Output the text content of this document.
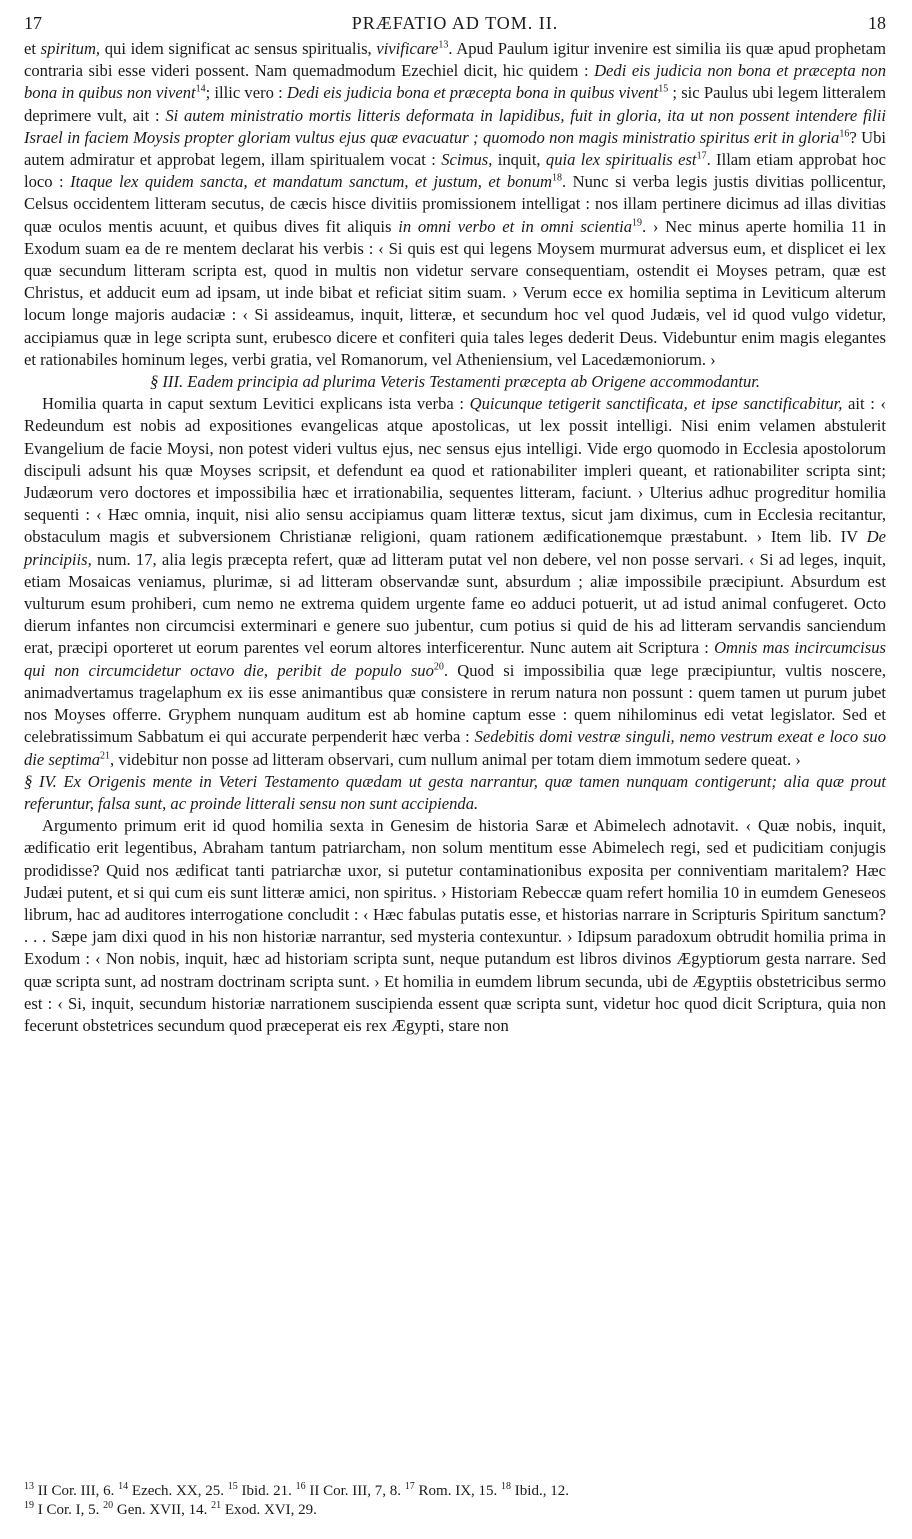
17	PRÆFATIO AD TOM. II.	18

et spiritum, qui idem significat ac sensus spiritualis, vivificare$^{13}$. Apud Paulum igitur invenire est similia iis quæ apud prophetam contraria sibi esse videri possent. Nam quemadmodum Ezechiel dicit, hic quidem : Dedi eis judicia non bona et præcepta non bona in quibus non vivent$^{14}$; illic vero : Dedi eis judicia bona et præcepta bona in quibus vivent$^{15}$ ; sic Paulus ubi legem litteralem deprimere vult, ait : Si autem ministratio mortis litteris deformata in lapidibus, fuit in gloria, ita ut non possent intendere filii Israel in faciem Moysis propter gloriam vultus ejus quæ evacuatur ; quomodo non magis ministratio spiritus erit in gloria$^{16}$? Ubi autem admiratur et approbat legem, illam spiritualem vocat : Scimus, inquit, quia lex spiritualis est$^{17}$. Illam etiam approbat hoc loco : Itaque lex quidem sancta, et mandatum sanctum, et justum, et bonum$^{18}$. Nunc si verba legis justis divitias pollicentur, Celsus occidentem litteram secutus, de cæcis hisce divitiis promissionem intelligat : nos illam pertinere dicimus ad illas divitias quæ oculos mentis acuunt, et quibus dives fit aliquis in omni verbo et in omni scientia$^{19}$. › Nec minus aperte homilia 11 in Exodum suam ea de re mentem declarat his verbis : ‹ Si quis est qui legens Moysem murmurat adversus eum, et displicet ei lex quæ secundum litteram scripta est, quod in multis non videtur servare consequentiam, ostendit ei Moyses petram, quæ est Christus, et adducit eum ad ipsam, ut inde bibat et reficiat sitim suam. › Verum ecce ex homilia septima in Leviticum alterum locum longe majoris audaciæ : ‹ Si assideamus, inquit, litteræ, et secundum hoc vel quod Judæis, vel id quod vulgo videtur, accipiamus quæ in lege scripta sunt, erubesco dicere et confiteri quia tales leges dederit Deus. Videbuntur enim magis elegantes et rationabiles hominum leges, verbi gratia, vel Romanorum, vel Atheniensium, vel Lacedæmoniorum. ›

§ III. Eadem principia ad plurima Veteris Testamenti præcepta ab Origene accommodantur.

Homilia quarta in caput sextum Levitici explicans ista verba : Quicunque tetigerit sanctificata, et ipse sanctificabitur, ait : ‹ Redeundum est nobis ad expositiones evangelicas atque apostolicas, ut lex possit intelligi. Nisi enim velamen abstulerit Evangelium de facie Moysi, non potest videri vultus ejus, nec sensus ejus intelligi. Vide ergo quomodo in Ecclesia apostolorum discipuli adsunt his quæ Moyses scripsit, et defendunt ea quod et rationabiliter impleri queant, et rationabiliter scripta sint; Judæorum vero doctores et impossibilia hæc et irrationabilia, sequentes litteram, faciunt. › Ulterius adhuc progreditur homilia sequenti : ‹ Hæc omnia, inquit, nisi alio sensu accipiamus quam litteræ textus, sicut jam diximus, cum in Ecclesia recitantur, obstaculum magis et subversionem Christianæ religioni, quam rationem ædificationemque præstabunt. › Item lib. IV De principiis, num. 17, alia legis præcepta refert, quæ ad litteram putat vel non debere, vel non posse servari. ‹ Si ad leges, inquit, etiam Mosaicas veniamus, plurimæ, si ad litteram observandæ sunt, absurdum ; aliæ impossibile præcipiunt. Absurdum est vulturum esum prohiberi, cum nemo ne extrema quidem urgente fame eo adduci potuerit, ut ad istud animal confugeret. Octo dierum infantes non circumcisi exterminari e genere suo jubentur, cum potius si quid de his ad litteram servandis sanciendum erat, præcipi oporteret ut eorum parentes vel eorum altores interficerentur. Nunc autem ait Scriptura : Omnis mas incircumcisus qui non circumcidetur octavo die, peribit de populo suo$^{20}$. Quod si impossibilia quæ lege præcipiuntur, vultis noscere, animadvertamus tragelaphum ex iis esse animantibus quæ consistere in rerum natura non possunt : quem tamen ut purum jubet nos Moyses offerre. Gryphem nunquam auditum est ab homine captum esse : quem nihilominus edi vetat legislator. Sed et celebratissimum Sabbatum ei qui accurate perpenderit hæc verba : Sedebitis domi vestræ singuli, nemo vestrum exeat e loco suo die septima$^{21}$, videbitur non posse ad litteram observari, cum nullum animal per totam diem immotum sedere queat. ›

§ IV. Ex Origenis mente in Veteri Testamento quædam ut gesta narrantur, quæ tamen nunquam contigerunt; alia quæ prout referuntur, falsa sunt, ac proinde litterali sensu non sunt accipienda.

Argumento primum erit id quod homilia sexta in Genesim de historia Saræ et Abimelech adnotavit. ‹ Quæ nobis, inquit, ædificatio erit legentibus, Abraham tantum patriarcham, non solum mentitum esse Abimelech regi, sed et pudicitiam conjugis prodidisse? Quid nos ædificat tanti patriarchæ uxor, si putetur contaminationibus exposita per conniventiam maritalem? Hæc Judæi putent, et si qui cum eis sunt litteræ amici, non spiritus. › Historiam Rebeccæ quam refert homilia 10 in eumdem Geneseos librum, hac ad auditores interrogatione concludit : ‹ Hæc fabulas putatis esse, et historias narrare in Scripturis Spiritum sanctum? . . . Sæpe jam dixi quod in his non historiæ narrantur, sed mysteria contexuntur. › Idipsum paradoxum obtrudit homilia prima in Exodum : ‹ Non nobis, inquit, hæc ad historiam scripta sunt, neque putandum est libros divinos Ægyptiorum gesta narrare. Sed quæ scripta sunt, ad nostram doctrinam scripta sunt. › Et homilia in eumdem librum secunda, ubi de Ægyptiis obstetricibus sermo est : ‹ Si, inquit, secundum historiæ narrationem suscipienda essent quæ scripta sunt, videtur hoc quod dicit Scriptura, quia non fecerunt obstetrices secundum quod præceperat eis rex Ægypti, stare non

$^{13}$ II Cor. III, 6. $^{14}$ Ezech. XX, 25. $^{15}$ Ibid. 21. $^{16}$ II Cor. III, 7, 8. $^{17}$ Rom. IX, 15. $^{18}$ Ibid., 12.

$^{19}$ I Cor. I, 5. $^{20}$ Gen. XVII, 14. $^{21}$ Exod. XVI, 29.
